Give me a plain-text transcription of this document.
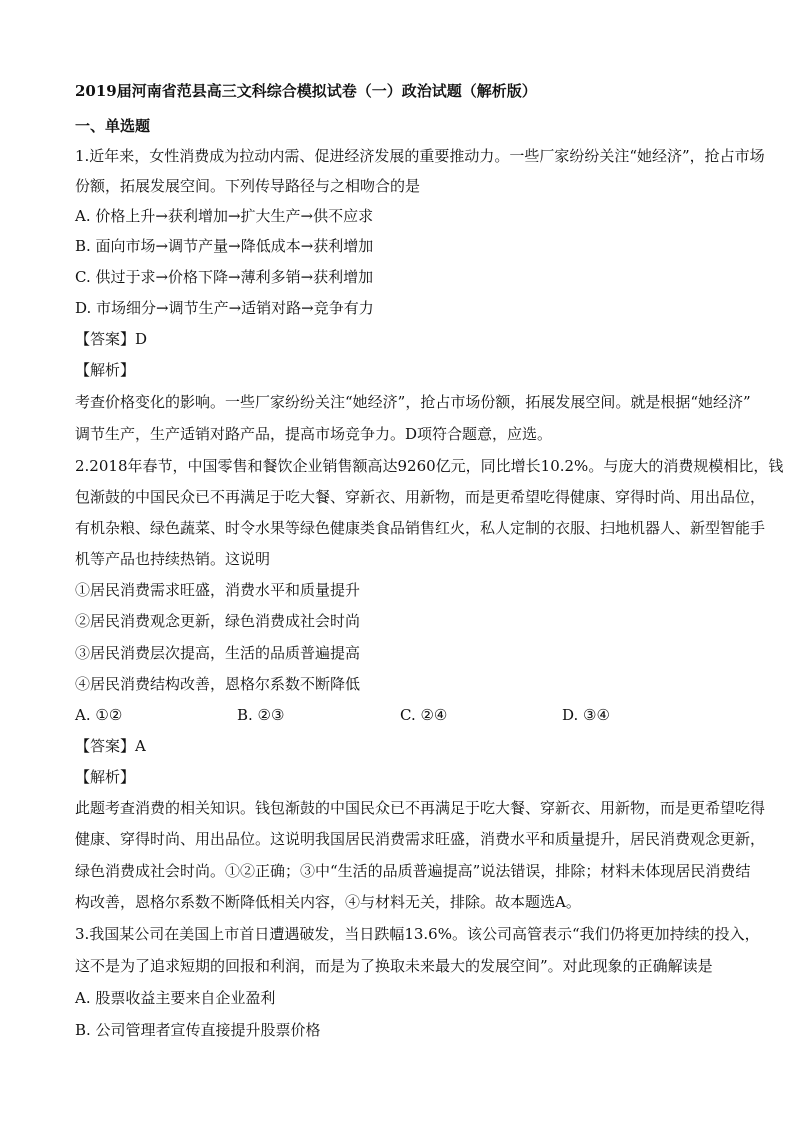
2019届河南省范县高三文科综合模拟试卷（一）政治试题（解析版）
一、单选题
1.近年来，女性消费成为拉动内需、促进经济发展的重要推动力。一些厂家纷纷关注“她经济”，抢占市场
份额，拓展发展空间。下列传导路径与之相吻合的是
A. 价格上升→获利增加→扩大生产→供不应求
B. 面向市场→调节产量→降低成本→获利增加
C. 供过于求→价格下降→薄利多销→获利增加
D. 市场细分→调节生产→适销对路→竞争有力
【答案】D
【解析】
考查价格变化的影响。一些厂家纷纷关注“她经济”，抢占市场份额，拓展发展空间。就是根据“她经济”
调节生产，生产适销对路产品，提高市场竞争力。D项符合题意，应选。
2.2018年春节，中国零售和餐饮企业销售额高达9260亿元，同比增长10.2%。与庞大的消费规模相比，钱
包渐鼓的中国民众已不再满足于吃大餐、穿新衣、用新物，而是更希望吃得健康、穿得时尚、用出品位，
有机杂粮、绿色蔬菜、时令水果等绿色健康类食品销售红火，私人定制的衣服、扫地机器人、新型智能手
机等产品也持续热销。这说明
①居民消费需求旺盛，消费水平和质量提升
②居民消费观念更新，绿色消费成社会时尚
③居民消费层次提高，生活的品质普遍提高
④居民消费结构改善，恩格尔系数不断降低
A. ①②	B. ②③	C. ②④	D. ③④
【答案】A
【解析】
此题考查消费的相关知识。钱包渐鼓的中国民众已不再满足于吃大餐、穿新衣、用新物，而是更希望吃得
健康、穿得时尚、用出品位。这说明我国居民消费需求旺盛，消费水平和质量提升，居民消费观念更新，
绿色消费成社会时尚。①②正确；③中“生活的品质普遍提高”说法错误，排除；材料未体现居民消费结
构改善，恩格尔系数不断降低相关内容，④与材料无关，排除。故本题选A。
3.我国某公司在美国上市首日遭遇破发，当日跌幅13.6%。该公司高管表示“我们仍将更加持续的投入，
这不是为了追求短期的回报和利润，而是为了换取未来最大的发展空间”。对此现象的正确解读是
A. 股票收益主要来自企业盈利
B. 公司管理者宣传直接提升股票价格
